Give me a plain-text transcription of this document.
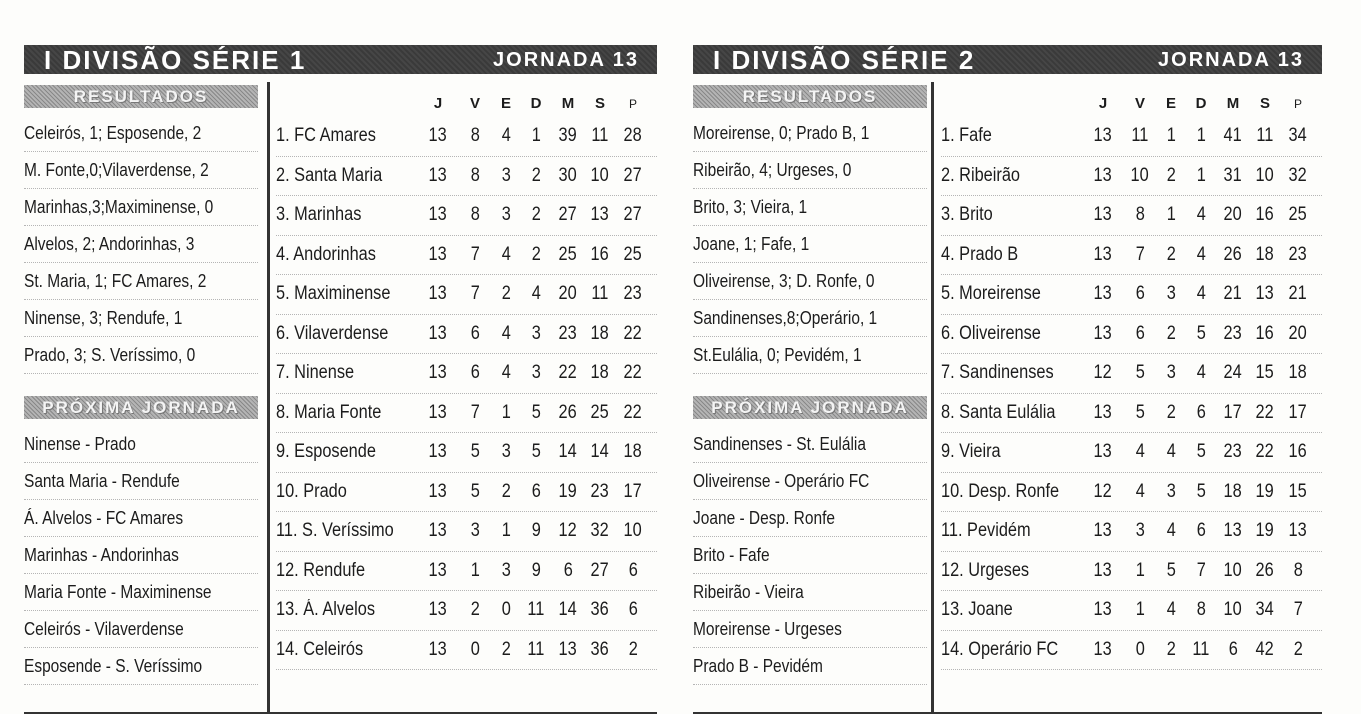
I DIVISÃO SÉRIE 1	JORNADA 13
RESULTADOS
Celeirós, 1; Esposende, 2
M. Fonte,0;Vilaverdense, 2
Marinhas,3;Maximinense, 0
Alvelos, 2; Andorinhas, 3
St. Maria, 1; FC Amares, 2
Ninense, 3; Rendufe, 1
Prado, 3; S. Veríssimo, 0
PRÓXIMA JORNADA
Ninense - Prado
Santa Maria - Rendufe
Á. Alvelos - FC Amares
Marinhas - Andorinhas
Maria Fonte - Maximinense
Celeirós - Vilaverdense
Esposende - S. Veríssimo
J	V	E	D	M	S	P
1. FC Amares	13	8	4	1 39 11 28
2. Santa Maria	13	8	3	2 30 10 27
3. Marinhas	13	8	3	2 27 13 27
4. Andorinhas	13	7	4	2 25 16 25
5. Maximinense	13	7	2	4 20 11 23
6. Vilaverdense	13	6	4	3 23 18 22
7. Ninense	13	6	4	3 22 18 22
8. Maria Fonte	13	7	1	5 26 25 22
9. Esposende	13	5	3	5 14 14 18
10. Prado	13	5	2	6 19 23 17
11. S. Veríssimo	13	3	1	9 12 32 10
12. Rendufe	13	1	3	9	6 27	6
13. Á. Alvelos	13	2	0 11 14 36	6
14. Celeirós	13	0	2 11 13 36	2
I DIVISÃO SÉRIE 2	JORNADA 13
RESULTADOS
Moreirense, 0; Prado B, 1
Ribeirão, 4; Urgeses, 0
Brito, 3; Vieira, 1
Joane, 1; Fafe, 1
Oliveirense, 3; D. Ronfe, 0
Sandinenses,8;Operário, 1
St.Eulália, 0; Pevidém, 1
PRÓXIMA JORNADA
Sandinenses - St. Eulália
Oliveirense - Operário FC
Joane - Desp. Ronfe
Brito - Fafe
Ribeirão - Vieira
Moreirense - Urgeses
Prado B - Pevidém
J	V	E	D	M	S	P
1. Fafe	13 11 1	1 41 11 34
2. Ribeirão	13 10 2	1 31 10 32
3. Brito	13	8	1	4 20 16 25
4. Prado B	13	7	2	4 26 18 23
5. Moreirense	13	6	3	4 21 13 21
6. Oliveirense	13	6	2	5 23 16 20
7. Sandinenses	12	5	3	4 24 15 18
8. Santa Eulália	13	5	2	6 17 22 17
9. Vieira	13	4	4	5 23 22 16
10. Desp. Ronfe	12	4	3	5 18 19 15
11. Pevidém	13	3	4	6 13 19 13
12. Urgeses	13	1	5	7 10 26	8
13. Joane	13	1	4	8 10 34	7
14. Operário FC	13	0	2 11 6 42	2
